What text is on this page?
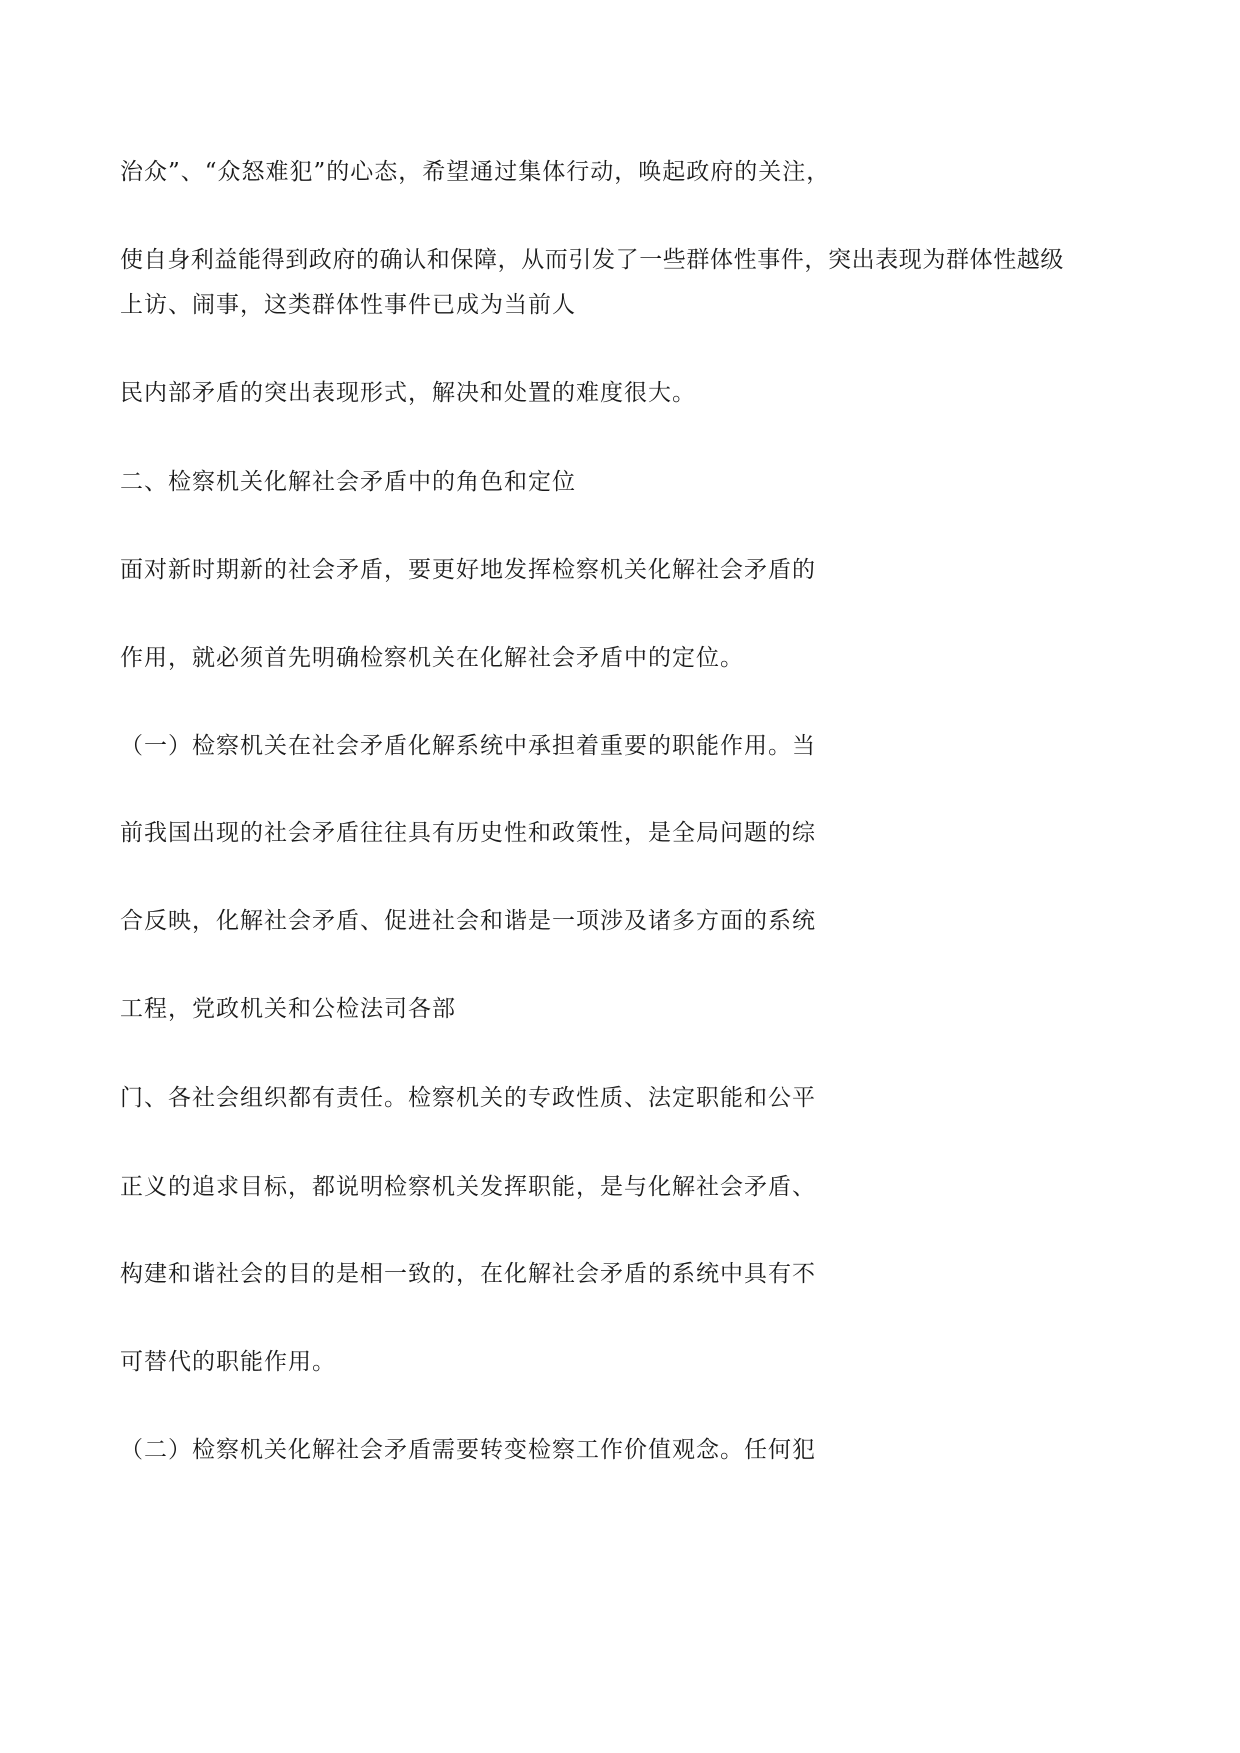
治众”、“众怒难犯”的心态，希望通过集体行动，唤起政府的关注，

使自身利益能得到政府的确认和保障，从而引发了一些群体性事件，突出表现为群体性越级

上访、闹事，这类群体性事件已成为当前人

民内部矛盾的突出表现形式，解决和处置的难度很大。

二、检察机关化解社会矛盾中的角色和定位

面对新时期新的社会矛盾，要更好地发挥检察机关化解社会矛盾的

作用，就必须首先明确检察机关在化解社会矛盾中的定位。

（一）检察机关在社会矛盾化解系统中承担着重要的职能作用。当

前我国出现的社会矛盾往往具有历史性和政策性，是全局问题的综

合反映，化解社会矛盾、促进社会和谐是一项涉及诸多方面的系统

工程，党政机关和公检法司各部

门、各社会组织都有责任。检察机关的专政性质、法定职能和公平

正义的追求目标，都说明检察机关发挥职能，是与化解社会矛盾、

构建和谐社会的目的是相一致的，在化解社会矛盾的系统中具有不

可替代的职能作用。

（二）检察机关化解社会矛盾需要转变检察工作价值观念。任何犯
